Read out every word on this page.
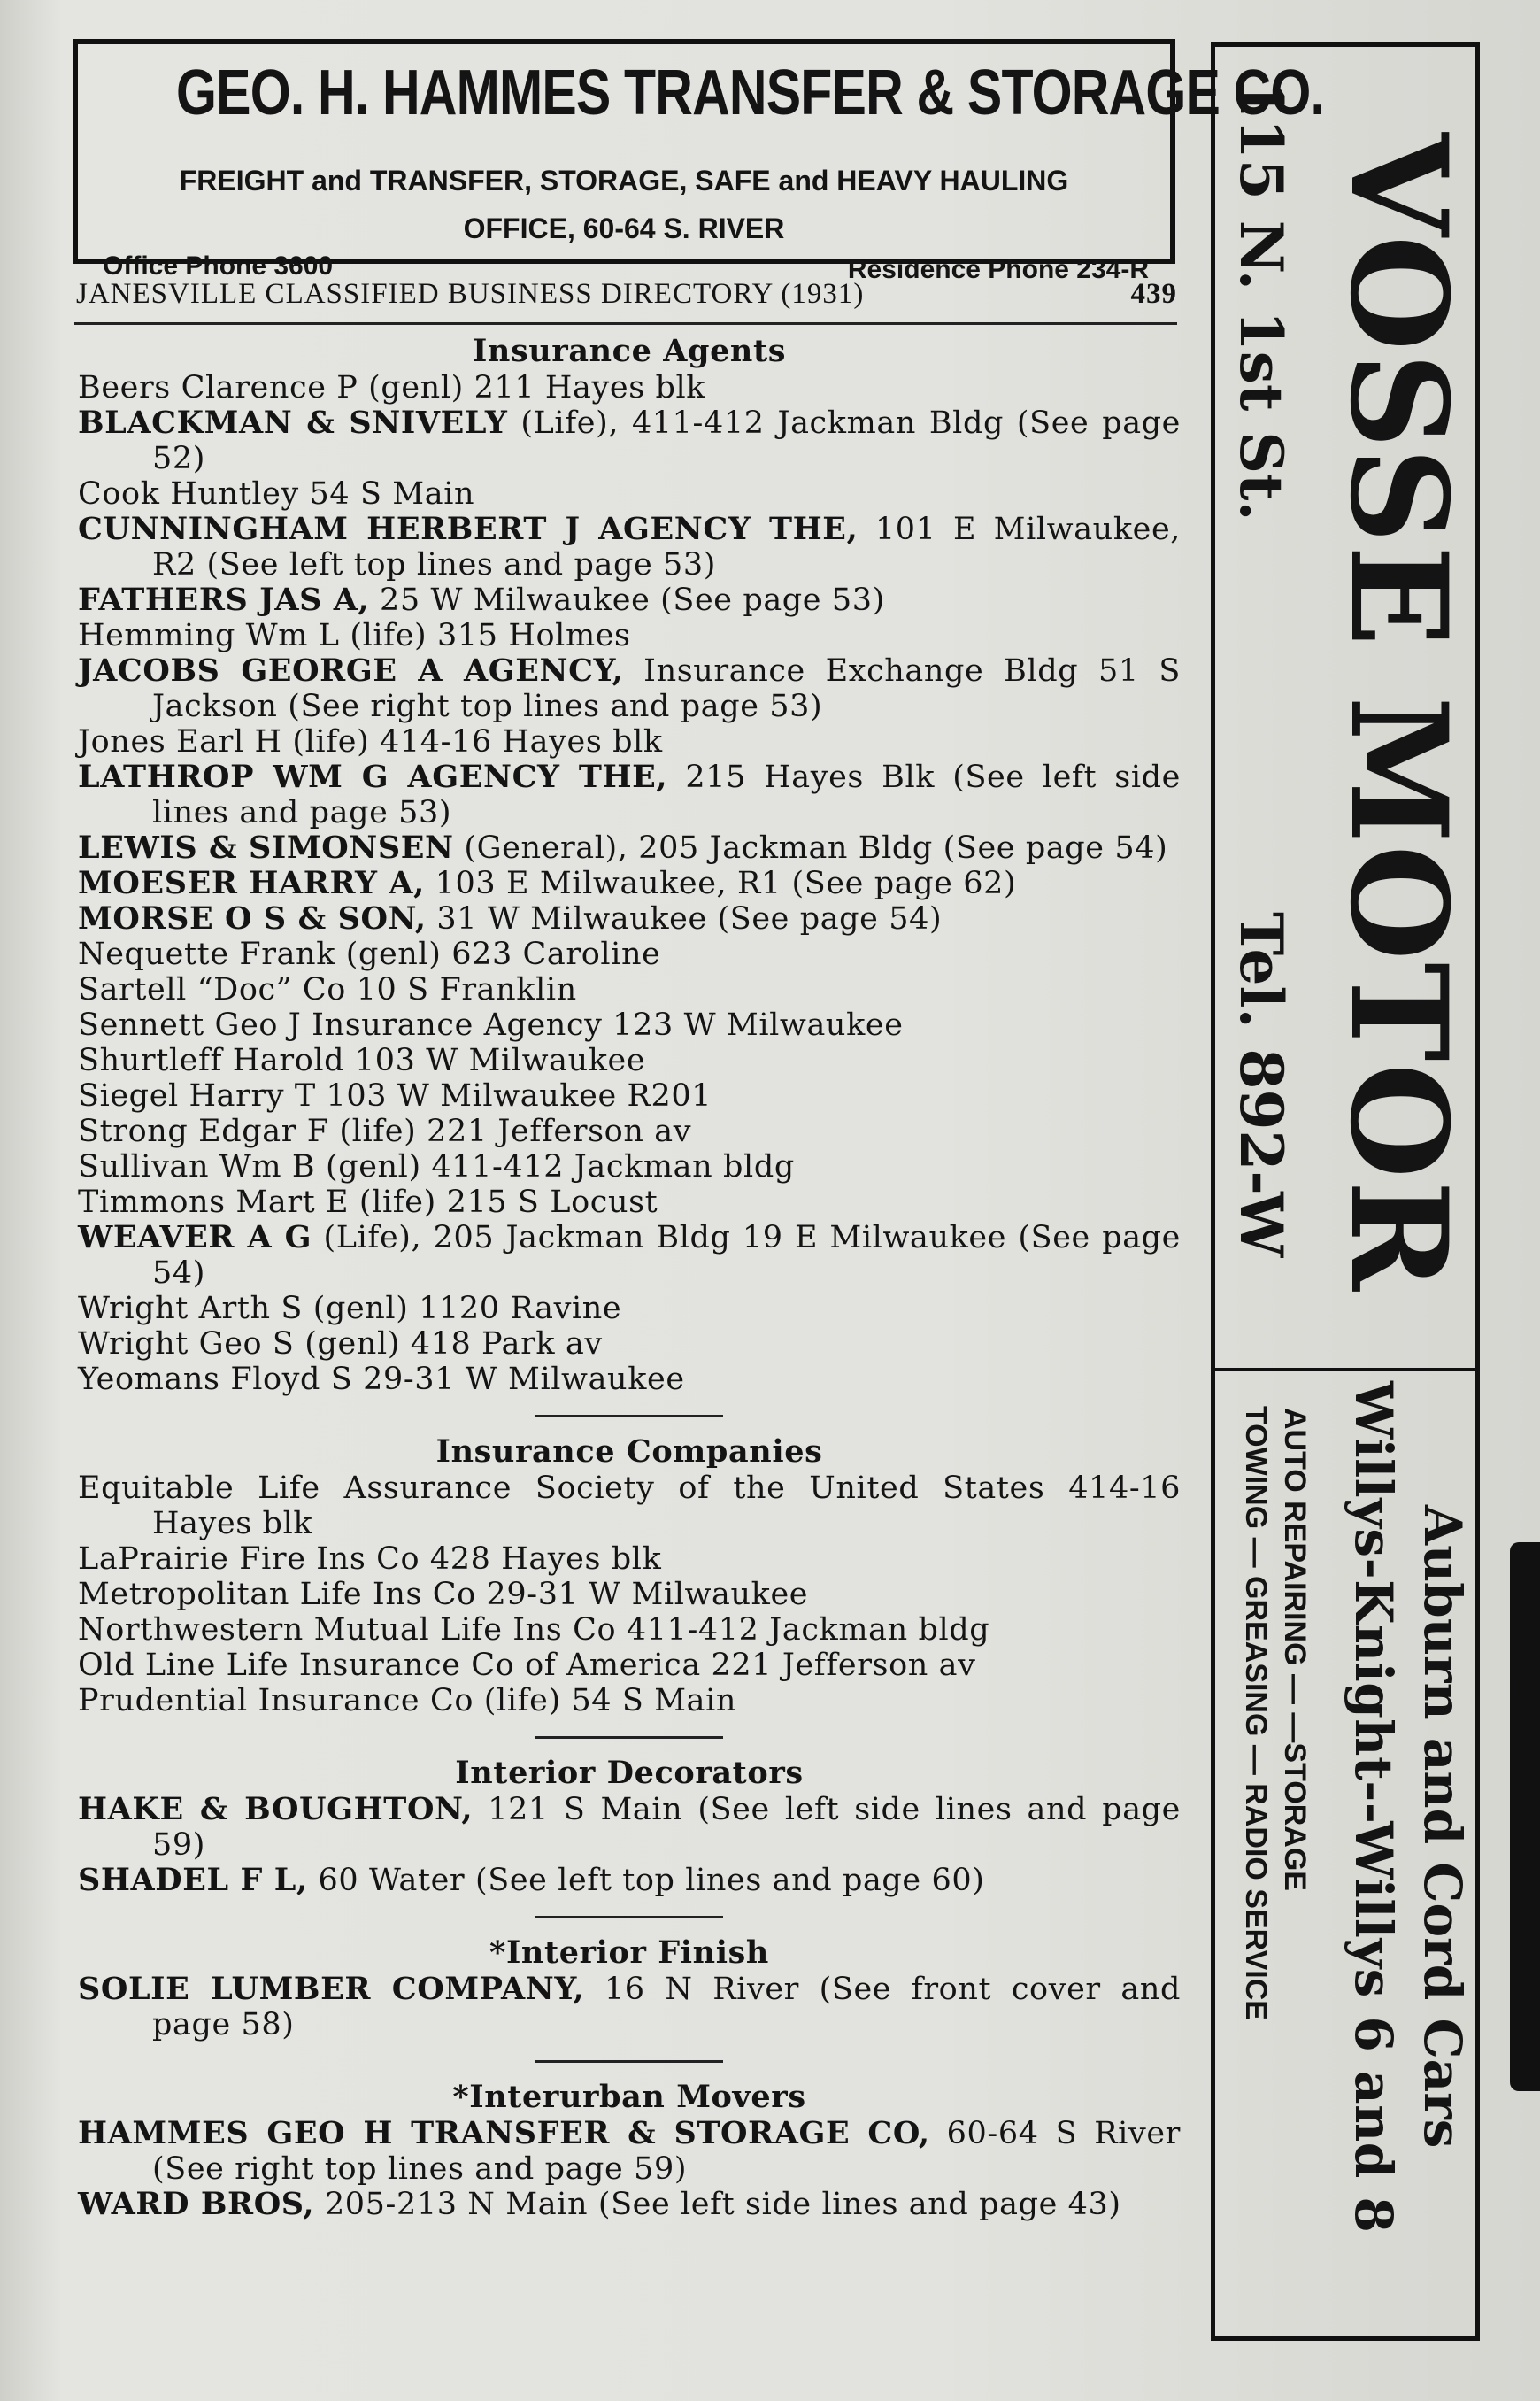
GEO. H. HAMMES TRANSFER & STORAGE CO.
FREIGHT and TRANSFER, STORAGE, SAFE and HEAVY HAULING
OFFICE, 60-64 S. RIVER
Office Phone 3600	Residence Phone 234-R
JANESVILLE CLASSIFIED BUSINESS DIRECTORY (1931)	439
Insurance Agents
Beers Clarence P (genl) 211 Hayes blk
BLACKMAN & SNIVELY (Life), 411-412 Jackman Bldg (See page 52)
Cook Huntley 54 S Main
CUNNINGHAM HERBERT J AGENCY THE, 101 E Milwaukee, R2 (See left top lines and page 53)
FATHERS JAS A, 25 W Milwaukee (See page 53)
Hemming Wm L (life) 315 Holmes
JACOBS GEORGE A AGENCY, Insurance Exchange Bldg 51 S Jackson (See right top lines and page 53)
Jones Earl H (life) 414-16 Hayes blk
LATHROP WM G AGENCY THE, 215 Hayes Blk (See left side lines and page 53)
LEWIS & SIMONSEN (General), 205 Jackman Bldg (See page 54)
MOESER HARRY A, 103 E Milwaukee, R1 (See page 62)
MORSE O S & SON, 31 W Milwaukee (See page 54)
Nequette Frank (genl) 623 Caroline
Sartell “Doc” Co 10 S Franklin
Sennett Geo J Insurance Agency 123 W Milwaukee
Shurtleff Harold 103 W Milwaukee
Siegel Harry T 103 W Milwaukee R201
Strong Edgar F (life) 221 Jefferson av
Sullivan Wm B (genl) 411-412 Jackman bldg
Timmons Mart E (life) 215 S Locust
WEAVER A G (Life), 205 Jackman Bldg 19 E Milwaukee (See page 54)
Wright Arth S (genl) 1120 Ravine
Wright Geo S (genl) 418 Park av
Yeomans Floyd S 29-31 W Milwaukee
Insurance Companies
Equitable Life Assurance Society of the United States 414-16 Hayes blk
LaPrairie Fire Ins Co 428 Hayes blk
Metropolitan Life Ins Co 29-31 W Milwaukee
Northwestern Mutual Life Ins Co 411-412 Jackman bldg
Old Line Life Insurance Co of America 221 Jefferson av
Prudential Insurance Co (life) 54 S Main
Interior Decorators
HAKE & BOUGHTON, 121 S Main (See left side lines and page 59)
SHADEL F L, 60 Water (See left top lines and page 60)
*Interior Finish
SOLIE LUMBER COMPANY, 16 N River (See front cover and page 58)
*Interurban Movers
HAMMES GEO H TRANSFER & STORAGE CO, 60-64 S River (See right top lines and page 59)
WARD BROS, 205-213 N Main (See left side lines and page 43)
VOSSE MOTOR
115 N. 1st St.
Tel. 892-W
Auburn and Cord Cars
Willys-Knight--Willys 6 and 8
AUTO REPAIRING — —STORAGE
TOWING — GREASING — RADIO SERVICE
